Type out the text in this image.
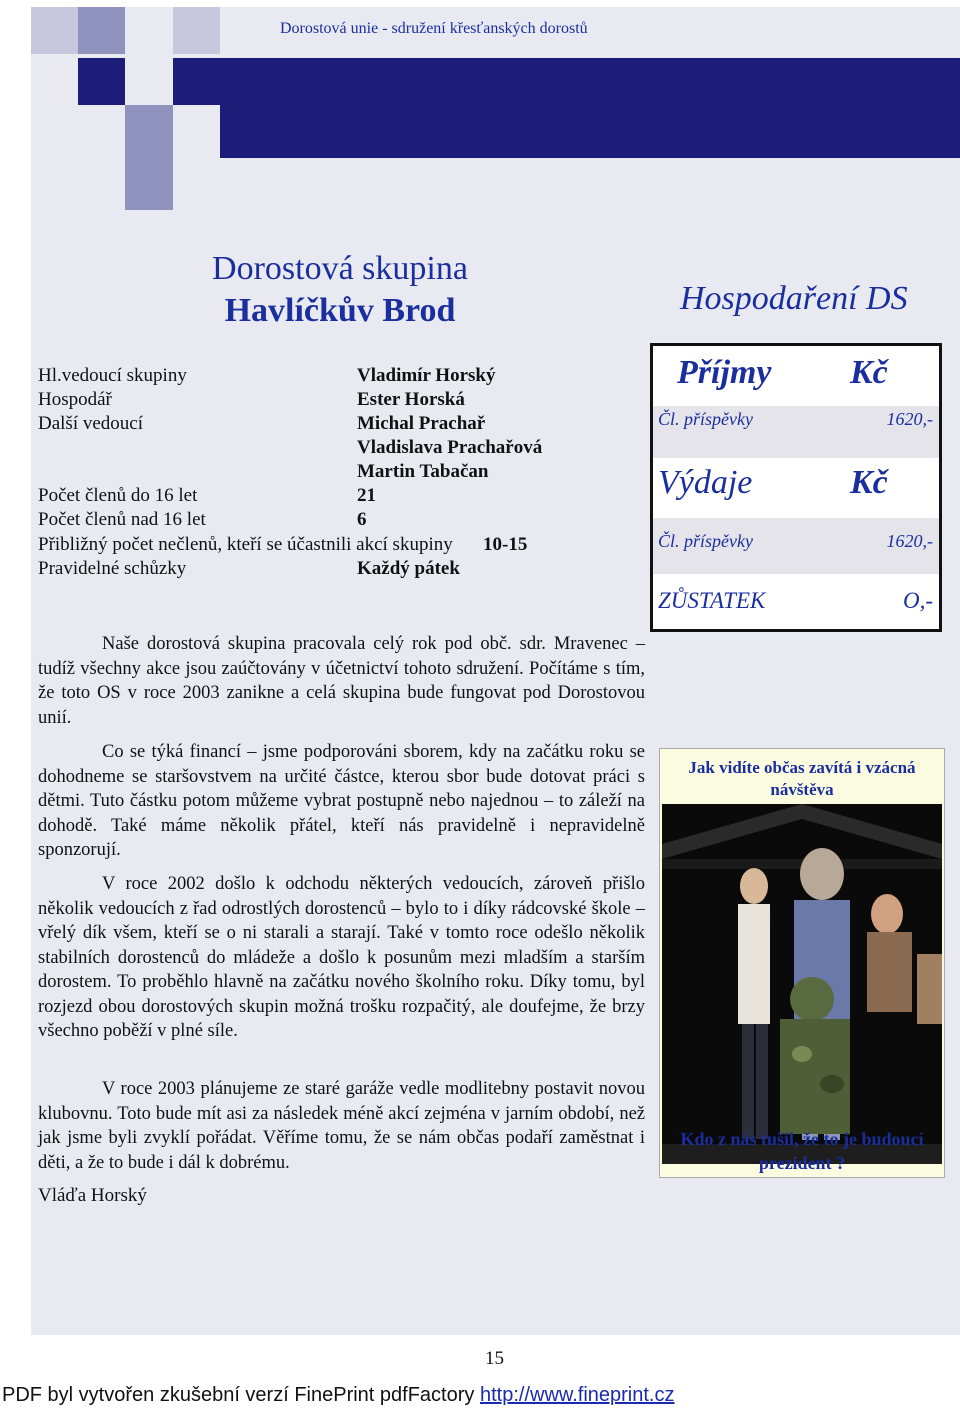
Dorostová unie - sdružení křesťanských dorostů
Dorostová skupina
Havlíčkův Brod	Hospodaření DS
Hl.vedoucí skupiny	Vladimír Horský
Hospodář	Ester Horská
Další vedoucí	Michal Prachař
Vladislava Prachařová
Martin Tabačan
Počet členů do 16 let	21
Počet členů nad 16 let	6
Přibližný počet nečlenů, kteří se účastnili akcí skupiny 10-15
Pravidelné schůzky	Každý pátek

Naše dorostová skupina pracovala celý rok pod obč. sdr. Mravenec – tudíž všechny akce jsou zaúčtovány v účetnictví tohoto sdružení. Počítáme s tím, že toto OS v roce 2003 zanikne a celá skupina bude fungovat pod Dorostovou unií.

Co se týká financí – jsme podporováni sborem, kdy na začátku roku se dohodneme se staršovstvem na určité částce, kterou sbor bude dotovat práci s dětmi. Tuto částku potom můžeme vybrat postupně nebo najednou – to záleží na dohodě. Také máme několik přátel, kteří nás pravidelně i nepravidelně sponzorují.

V roce 2002 došlo k odchodu některých vedoucích, zároveň přišlo několik vedoucích z řad odrostlých dorostenců – bylo to i díky rádcovské škole – vřelý dík všem, kteří se o ni starali a starají. Také v tomto roce odešlo několik stabilních dorostenců do mládeže a došlo k posunům mezi mladším a starším dorostem. To proběhlo hlavně na začátku nového školního roku. Díky tomu, byl rozjezd obou dorostových skupin možná trošku rozpačitý, ale doufejme, že brzy všechno poběží v plné síle.

V roce 2003 plánujeme ze staré garáže vedle modlitebny postavit novou klubovnu. Toto bude mít asi za následek méně akcí zejména v jarním období, než jak jsme byli zvyklí pořádat. Věříme tomu, že se nám občas podaří zaměstnat i děti, a že to bude i dál k dobrému.

Vláďa Horský
Příjmy Kč
Čl. příspěvky	1620,-
Výdaje	Kč
Čl. příspěvky	1620,-
ZŮSTATEK	O,-
Jak vidíte občas zavítá i vzácná návštěva
Kdo z nás tušil, že to je budoucí prezident ?
15
PDF byl vytvořen zkušební verzí FinePrint pdfFactory http://www.fineprint.cz
